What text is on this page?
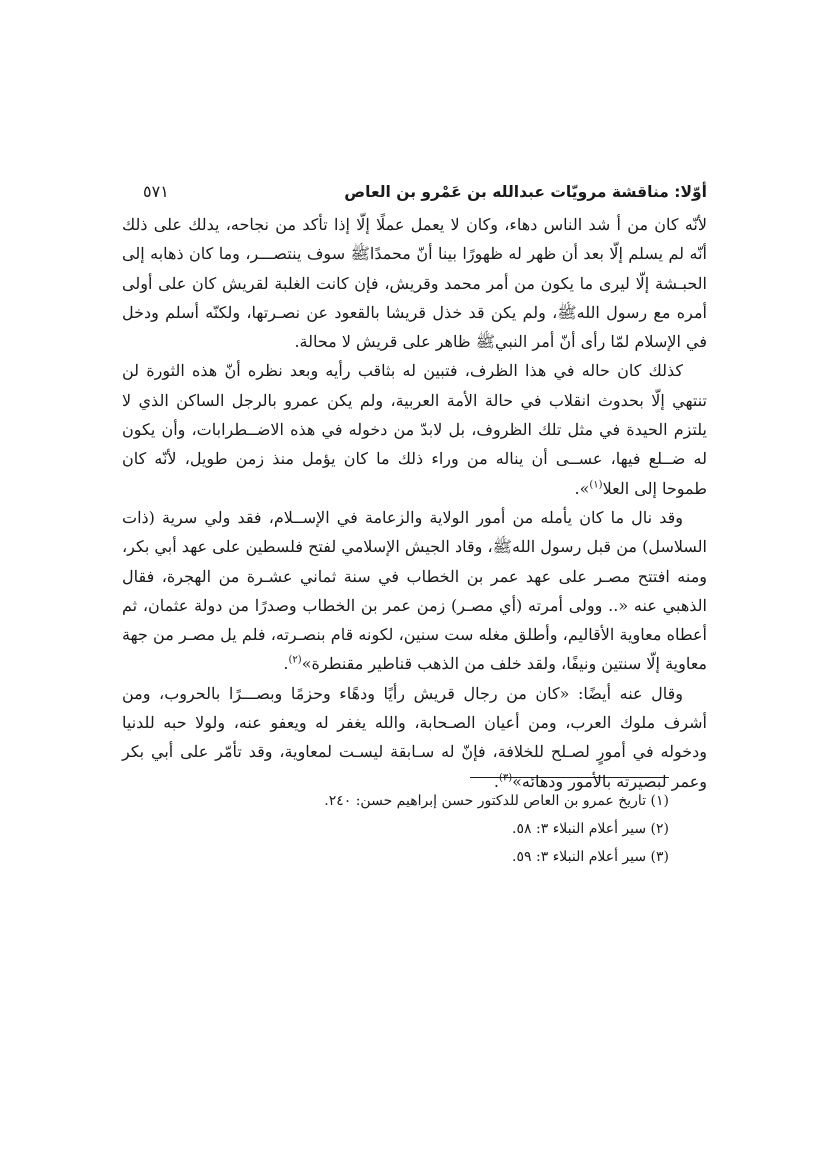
أوّلا: مناقشة مرويّات عبدالله بن عَمْرو بن العاص
٥٧١

لأنّه كان من أ شد الناس دهاء، وكان لا يعمل عملًا إلّا إذا تأكد من نجاحه، يدلك على ذلك أنّه لم يسلم إلّا بعد أن ظهر له ظهورًا بينا أنّ محمدًاﷺ سوف ينتصـــر، وما كان ذهابه إلى الحبـشة إلّا ليرى ما يكون من أمر محمد وقريش، فإن كانت الغلبة لقريش كان على أولى أمره مع رسول اللهﷺ، ولم يكن قد خذل قريشا بالقعود عن نصـرتها، ولكنّه أسلم ودخل في الإسلام لمّا رأى أنّ أمر النبيﷺ ظاهر على قريش لا محالة.

كذلك كان حاله في هذا الظرف، فتبين له بثاقب رأيه وبعد نظره أنّ هذه الثورة لن تنتهي إلّا بحدوث انقلاب في حالة الأمة العربية، ولم يكن عمرو بالرجل الساكن الذي لا يلتزم الحيدة في مثل تلك الظروف، بل لابدّ من دخوله في هذه الاضــطرابات، وأن يكون له ضــلع فيها، عســى أن يناله من وراء ذلك ما كان يؤمل منذ زمن طويل، لأنّه كان طموحا إلى العلا$^{(١)}$».

وقد نال ما كان يأمله من أمور الولاية والزعامة في الإســلام، فقد ولي سرية (ذات السلاسل) من قبل رسول اللهﷺ، وقاد الجيش الإسلامي لفتح فلسطين على عهد أبي بكر، ومنه افتتح مصـر على عهد عمر بن الخطاب في سنة ثماني عشـرة من الهجرة، فقال الذهبي عنه «.. وولى أمرته (أي مصـر) زمن عمر بن الخطاب وصدرًا من دولة عثمان، ثم أعطاه معاوية الأقاليم، وأطلق مغله ست سنين، لكونه قام بنصـرته، فلم يل مصـر من جهة معاوية إلّا سنتين ونيفًا، ولقد خلف من الذهب قناطير مقنطرة»$^{(٢)}$.

وقال عنه أيضًا: «كان من رجال قريش رأيًا ودهًاء وحزمًا وبصـــرًا بالحروب، ومن أشرف ملوك العرب، ومن أعيان الصـحابة، والله يغفر له ويعفو عنه، ولولا حبه للدنيا ودخوله في أمورٍ لصـلح للخلافة، فإنّ له سـابقة ليسـت لمعاوية، وقد تأمّر على أبي بكر وعمر لبصيرته بالأمور ودهائه»$^{(٣)}$.

(١) تاريخ عمرو بن العاص للدكتور حسن إبراهيم حسن: ٢٤٠.
(٢) سير أعلام النبلاء ٣: ٥٨.
(٣) سير أعلام النبلاء ٣: ٥٩.
